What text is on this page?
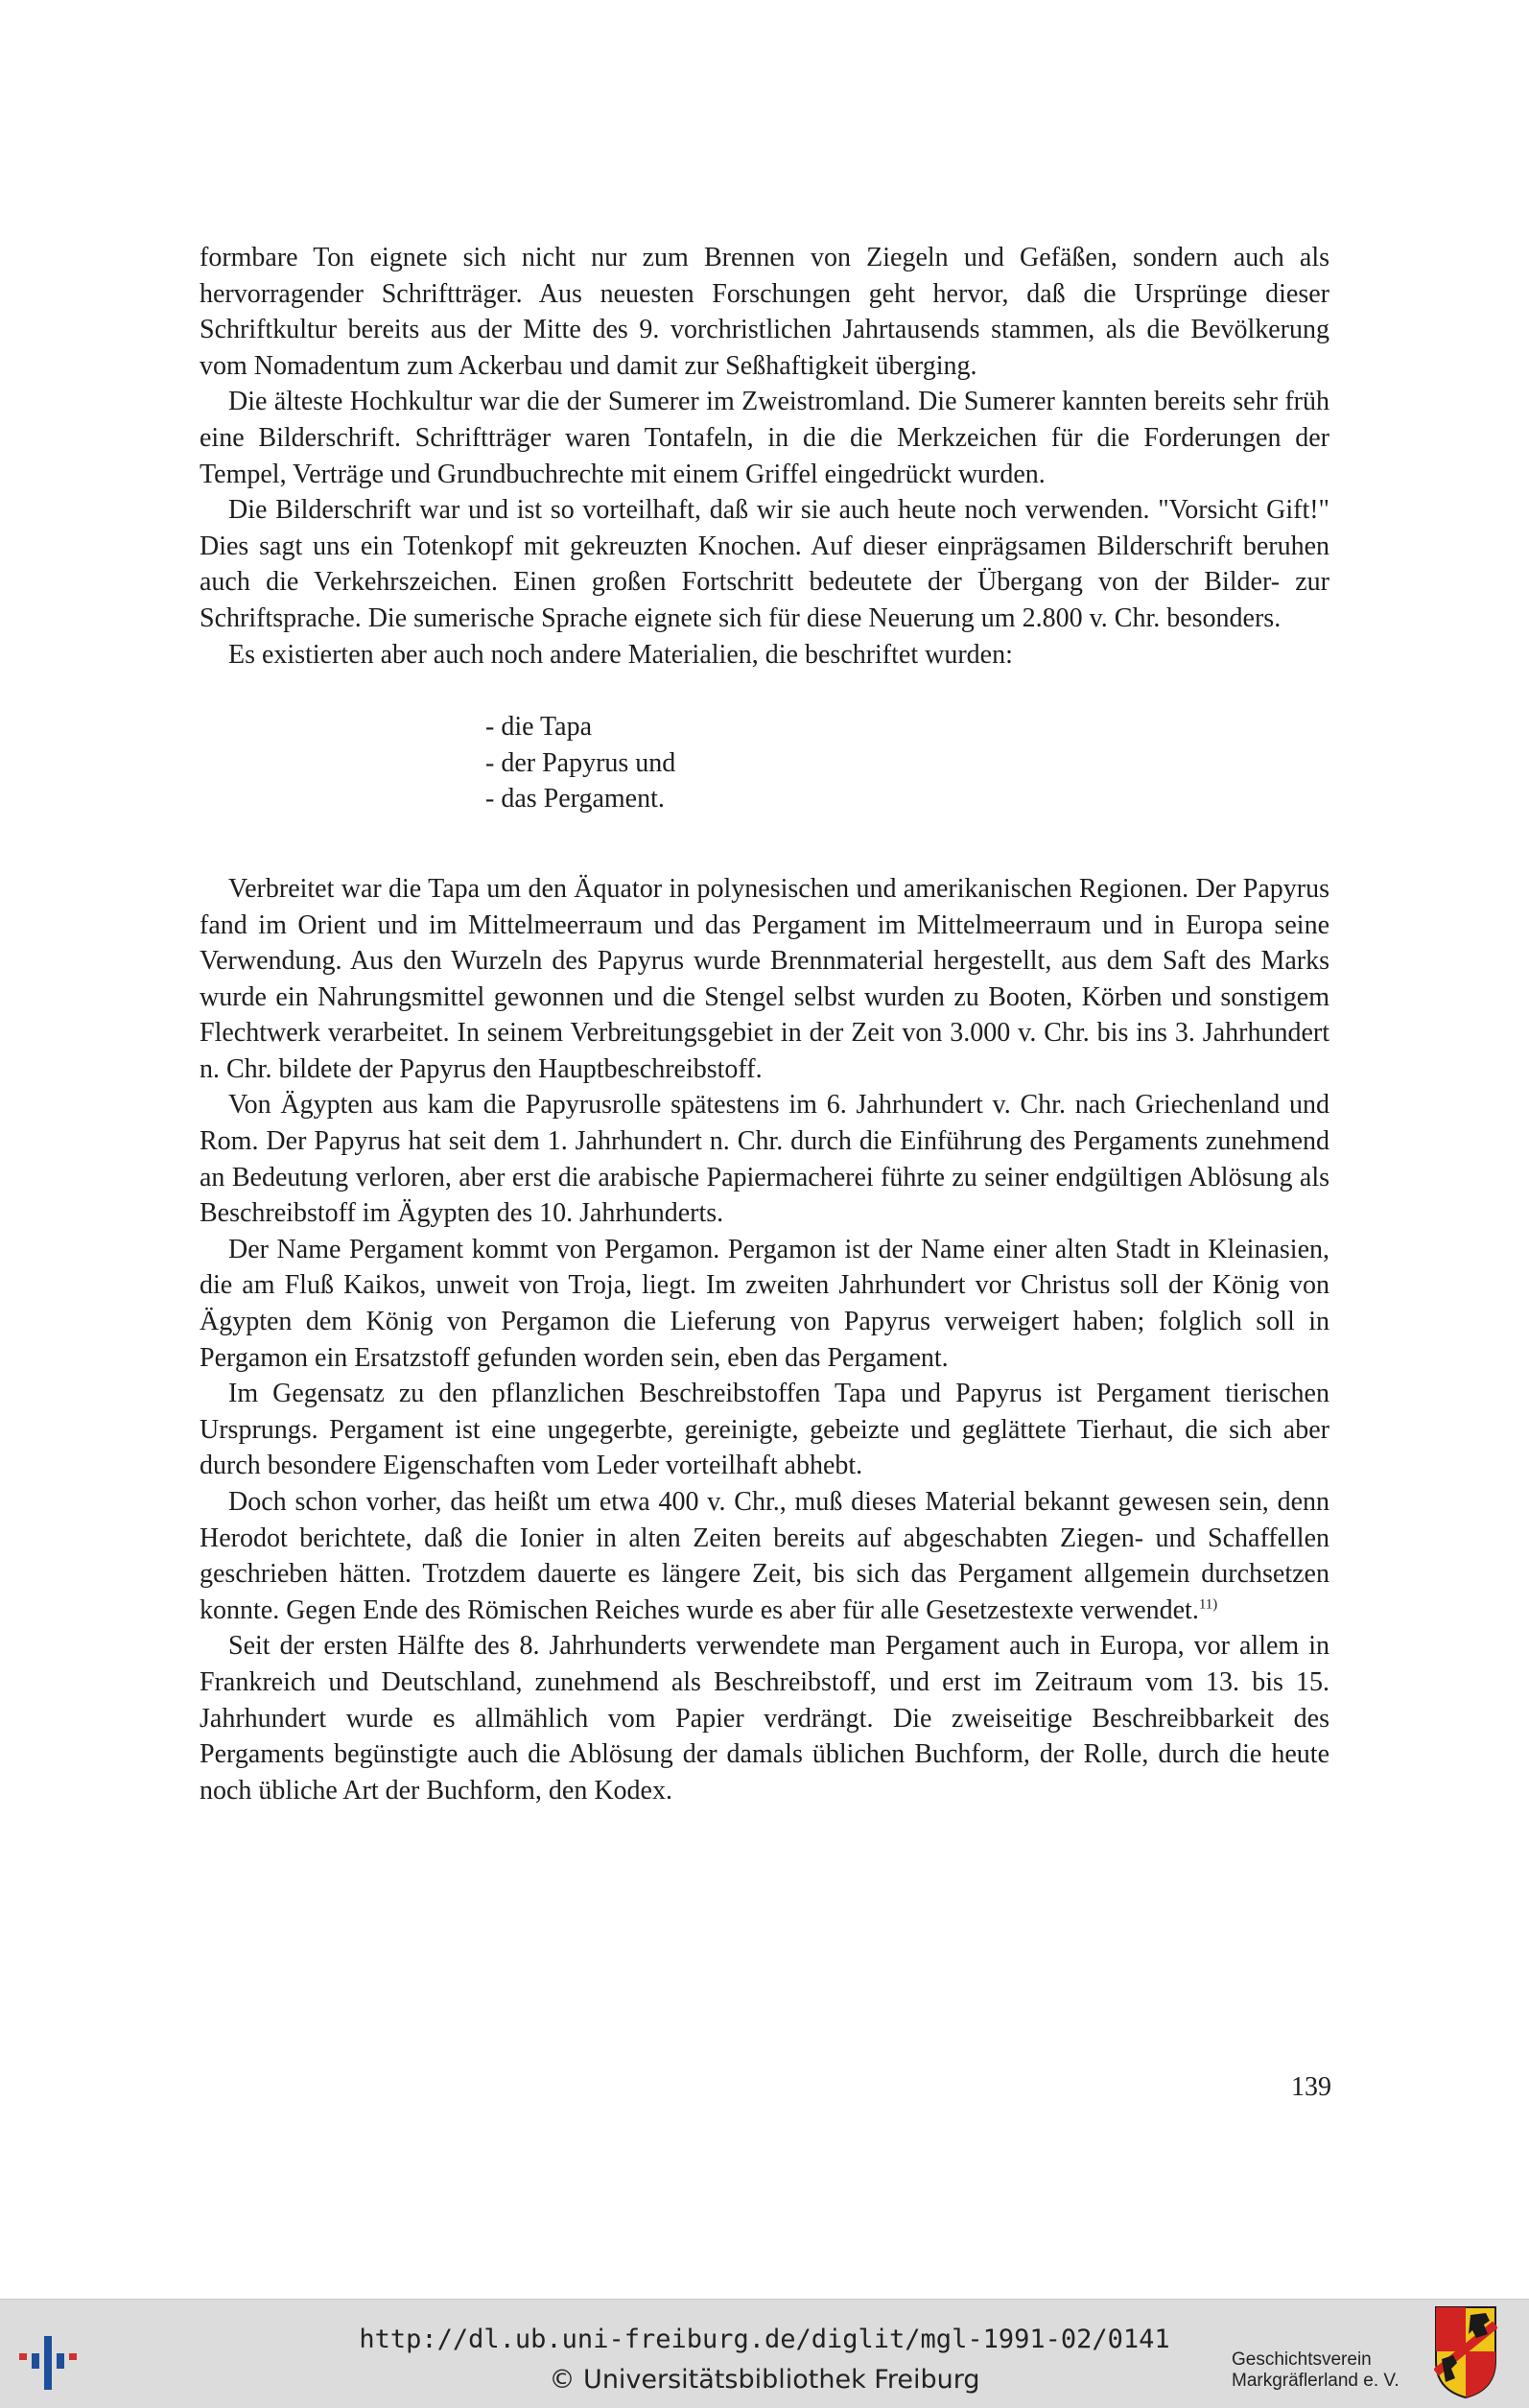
formbare Ton eignete sich nicht nur zum Brennen von Ziegeln und Gefäßen, sondern auch als hervorragender Schriftträger. Aus neuesten Forschungen geht hervor, daß die Ursprünge dieser Schriftkultur bereits aus der Mitte des 9. vorchristlichen Jahrtausends stammen, als die Bevölkerung vom Nomadentum zum Ackerbau und damit zur Seßhaftigkeit überging.

Die älteste Hochkultur war die der Sumerer im Zweistromland. Die Sumerer kannten bereits sehr früh eine Bilderschrift. Schriftträger waren Tontafeln, in die die Merkzeichen für die Forderungen der Tempel, Verträge und Grundbuchrechte mit einem Griffel eingedrückt wurden.

Die Bilderschrift war und ist so vorteilhaft, daß wir sie auch heute noch verwenden. "Vorsicht Gift!" Dies sagt uns ein Totenkopf mit gekreuzten Knochen. Auf dieser einprägsamen Bilderschrift beruhen auch die Verkehrszeichen. Einen großen Fortschritt bedeutete der Übergang von der Bilder- zur Schriftsprache. Die sumerische Sprache eignete sich für diese Neuerung um 2.800 v. Chr. besonders.

Es existierten aber auch noch andere Materialien, die beschriftet wurden:

- die Tapa
- der Papyrus und
- das Pergament.

Verbreitet war die Tapa um den Äquator in polynesischen und amerikanischen Regionen. Der Papyrus fand im Orient und im Mittelmeerraum und das Pergament im Mittelmeerraum und in Europa seine Verwendung. Aus den Wurzeln des Papyrus wurde Brennmaterial hergestellt, aus dem Saft des Marks wurde ein Nahrungsmittel gewonnen und die Stengel selbst wurden zu Booten, Körben und sonstigem Flechtwerk verarbeitet. In seinem Verbreitungsgebiet in der Zeit von 3.000 v. Chr. bis ins 3. Jahrhundert n. Chr. bildete der Papyrus den Hauptbeschreibstoff.

Von Ägypten aus kam die Papyrusrolle spätestens im 6. Jahrhundert v. Chr. nach Griechenland und Rom. Der Papyrus hat seit dem 1. Jahrhundert n. Chr. durch die Einführung des Pergaments zunehmend an Bedeutung verloren, aber erst die arabische Papiermacherei führte zu seiner endgültigen Ablösung als Beschreibstoff im Ägypten des 10. Jahrhunderts.

Der Name Pergament kommt von Pergamon. Pergamon ist der Name einer alten Stadt in Kleinasien, die am Fluß Kaikos, unweit von Troja, liegt. Im zweiten Jahrhundert vor Christus soll der König von Ägypten dem König von Pergamon die Lieferung von Papyrus verweigert haben; folglich soll in Pergamon ein Ersatzstoff gefunden worden sein, eben das Pergament.

Im Gegensatz zu den pflanzlichen Beschreibstoffen Tapa und Papyrus ist Pergament tierischen Ursprungs. Pergament ist eine ungegerbte, gereinigte, gebeizte und geglättete Tierhaut, die sich aber durch besondere Eigenschaften vom Leder vorteilhaft abhebt.

Doch schon vorher, das heißt um etwa 400 v. Chr., muß dieses Material bekannt gewesen sein, denn Herodot berichtete, daß die Ionier in alten Zeiten bereits auf abgeschabten Ziegen- und Schaffellen geschrieben hätten. Trotzdem dauerte es längere Zeit, bis sich das Pergament allgemein durchsetzen konnte. Gegen Ende des Römischen Reiches wurde es aber für alle Gesetzestexte verwendet.$^{11)}$

Seit der ersten Hälfte des 8. Jahrhunderts verwendete man Pergament auch in Europa, vor allem in Frankreich und Deutschland, zunehmend als Beschreibstoff, und erst im Zeitraum vom 13. bis 15. Jahrhundert wurde es allmählich vom Papier verdrängt. Die zweiseitige Beschreibbarkeit des Pergaments begünstigte auch die Ablösung der damals üblichen Buchform, der Rolle, durch die heute noch übliche Art der Buchform, den Kodex.

139
http://dl.ub.uni-freiburg.de/diglit/mgl-1991-02/0141
© Universitätsbibliothek Freiburg
Geschichtsverein
Markgräflerland e. V.
